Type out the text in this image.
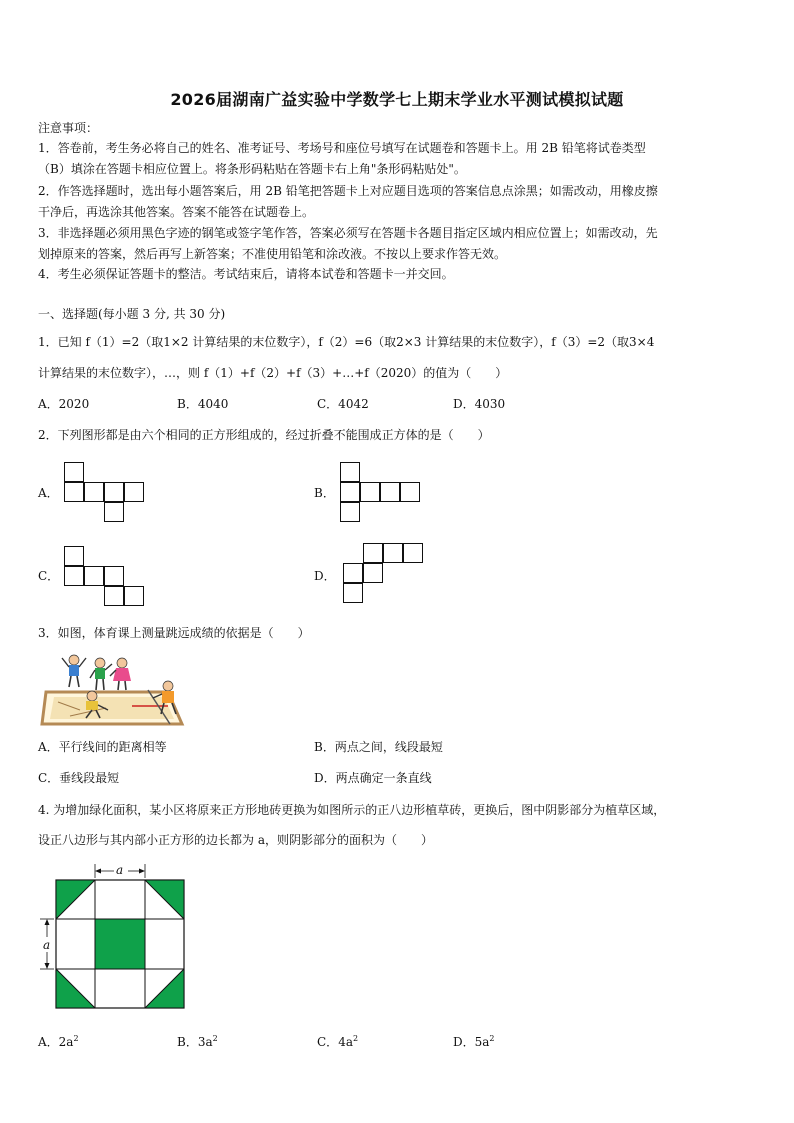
2026届湖南广益实验中学数学七上期末学业水平测试模拟试题
注意事项：
1．答卷前，考生务必将自己的姓名、准考证号、考场号和座位号填写在试题卷和答题卡上。用 2B 铅笔将试卷类型
（B）填涂在答题卡相应位置上。将条形码粘贴在答题卡右上角"条形码粘贴处"。
2．作答选择题时，选出每小题答案后，用 2B 铅笔把答题卡上对应题目选项的答案信息点涂黑；如需改动，用橡皮擦
干净后，再选涂其他答案。答案不能答在试题卷上。
3．非选择题必须用黑色字迹的钢笔或签字笔作答，答案必须写在答题卡各题目指定区域内相应位置上；如需改动，先
划掉原来的答案，然后再写上新答案；不准使用铅笔和涂改液。不按以上要求作答无效。
4．考生必须保证答题卡的整洁。考试结束后，请将本试卷和答题卡一并交回。
一、选择题(每小题 3 分, 共 30 分)
1．已知 f（1）=2（取1×2 计算结果的末位数字），f（2）=6（取2×3 计算结果的末位数字），f（3）=2（取3×4
计算结果的末位数字），…，则 f（1）+f（2）+f（3）+…+f（2020）的值为（　　）
A．2020	B．4040	C．4042	D．4030
2．下列图形都是由六个相同的正方形组成的，经过折叠不能围成正方体的是（　　）
A．	B．
C．	D．
3．如图，体育课上测量跳远成绩的依据是（　　）
A．平行线间的距离相等	B．两点之间，线段最短
C．垂线段最短	D．两点确定一条直线
4. 为增加绿化面积，某小区将原来正方形地砖更换为如图所示的正八边形植草砖，更换后，图中阴影部分为植草区域，
设正八边形与其内部小正方形的边长都为 a，则阴影部分的面积为（　　）
a
a
A．$2a^2$	B．$3a^2$	C．$4a^2$	D．$5a^2$
